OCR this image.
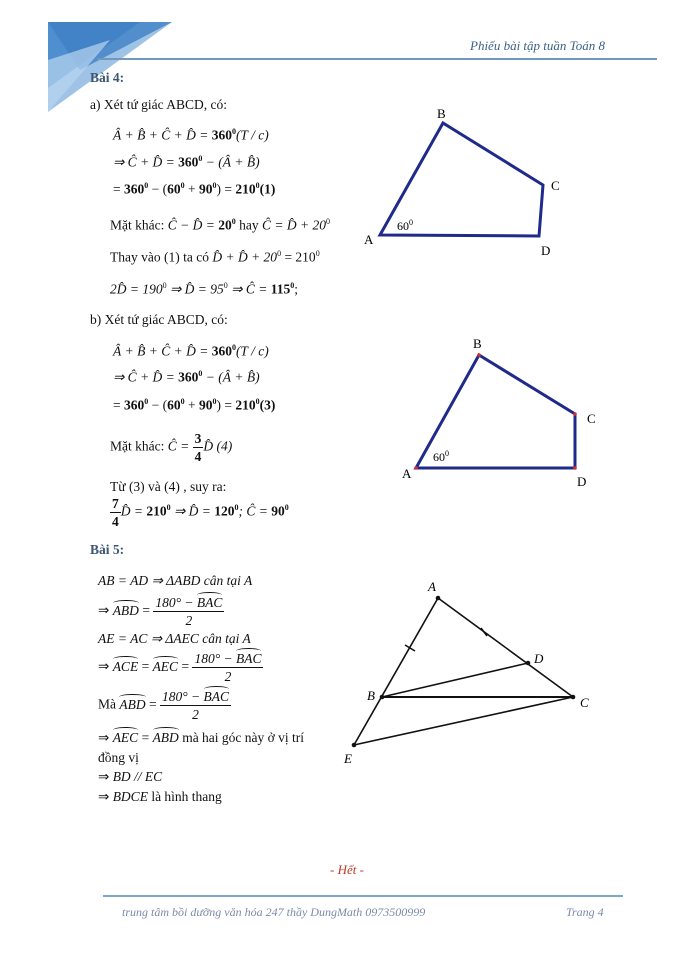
Phiếu bài tập tuần Toán 8
Bài 4:
a) Xét tứ giác ABCD, có:
Â + B̂ + Ĉ + D̂ = $360^0(T / c)$
⇒ Ĉ + D̂ = $360^0$ − (Â + B̂)
= $360^0 - (60^0 + 90^0) = 210^0(1)$
Mặt khác: Ĉ − D̂ = $20^0$ hay Ĉ = D̂ + $20^0$
Thay vào (1) ta có D̂ + D̂ + $20^0 = 210^0$
2D̂ = $190^0$ ⇒ D̂ = $95^0$ ⇒ Ĉ = $115^0$;
B
C
A
D
$60^0$
b) Xét tứ giác ABCD, có:
Â + B̂ + Ĉ + D̂ = $360^0(T / c)$
⇒ Ĉ + D̂ = $360^0$ − (Â + B̂)
= $360^0 - (60^0 + 90^0) = 210^0(3)$
Mặt khác: Ĉ = $\frac{3}{4}$ D̂ (4)
Từ (3) và (4) , suy ra:
$\frac{7}{4}$ D̂ = $210^0$ ⇒ D̂ = $120^0$; Ĉ = $90^0$
B
C
A
D
$60^0$
Bài 5:
AB = AD ⇒ ΔABD cân tại A
⇒ ABD = $\frac{\text{180° − BAC}}{2}$
AE = AC ⇒ ΔAEC cân tại A
⇒ ACE = AEC = $\frac{\text{180° − BAC}}{2}$
Mà ABD = $\frac{\text{180° − BAC}}{2}$
⇒ AEC = ABD mà hai góc này ở vị trí
đồng vị
⇒ BD // EC
⇒ BDCE là hình thang
A
B	C
D
E
- Hết -
trung tâm bồi dưỡng văn hóa 247 thầy DungMath 0973500999	Trang 4
